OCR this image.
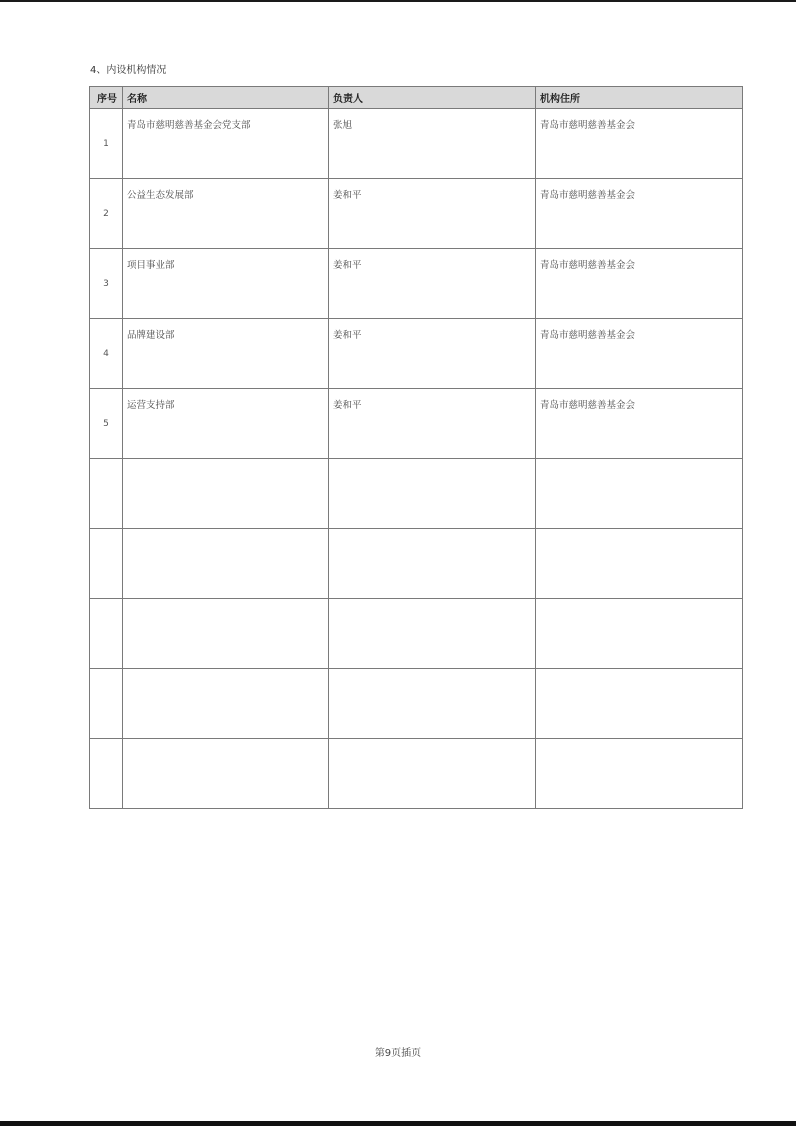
4、内设机构情况
序号	名称	负责人	机构住所
1	青岛市慈明慈善基金会党支部	张旭	青岛市慈明慈善基金会

2	公益生态发展部	姜和平	青岛市慈明慈善基金会

3	项目事业部	姜和平	青岛市慈明慈善基金会

4	品牌建设部	姜和平	青岛市慈明慈善基金会

5	运营支持部	姜和平	青岛市慈明慈善基金会

第9页插页
